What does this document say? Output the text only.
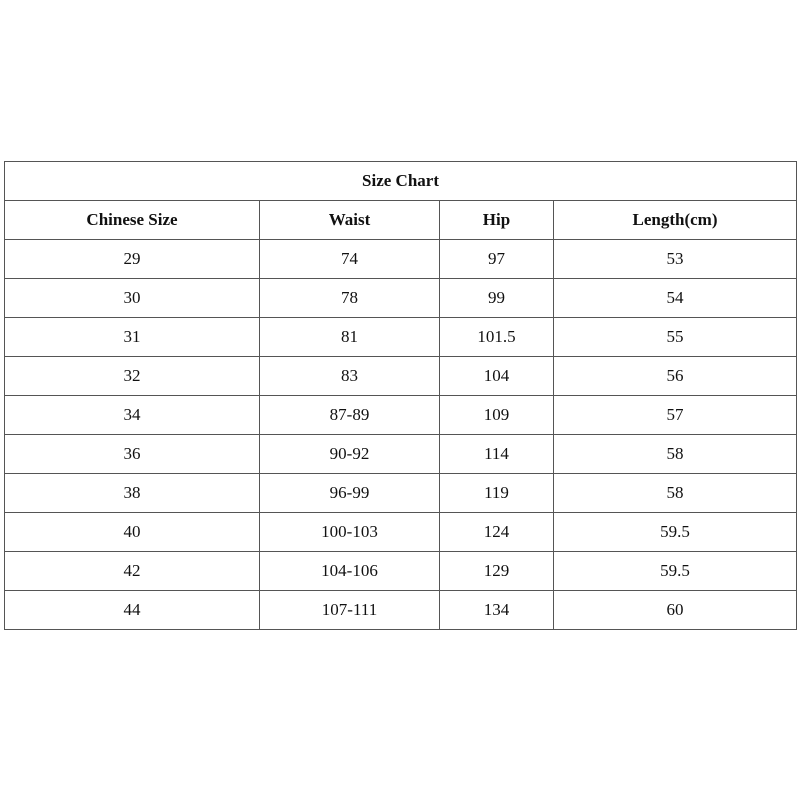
Size Chart			
Chinese Size	Waist	Hip	Length(cm)
29	74	97	53
30	78	99	54
31	81	101.5	55
32	83	104	56
34	87-89	109	57
36	90-92	114	58
38	96-99	119	58
40	100-103	124	59.5
42	104-106	129	59.5
44	107-111	134	60
